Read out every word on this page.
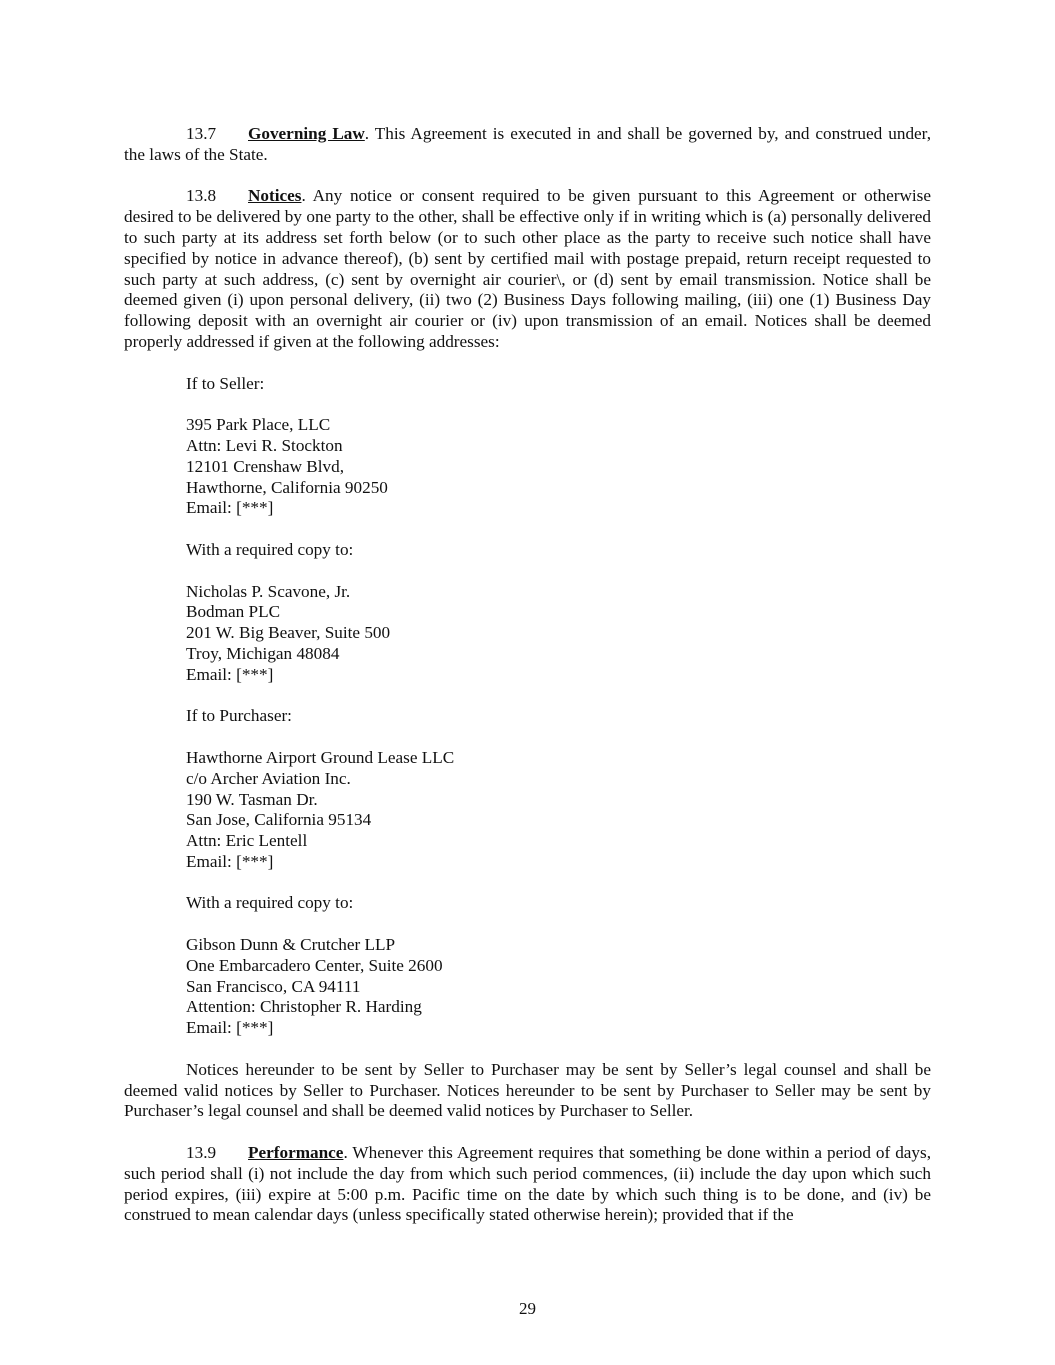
13.7 Governing Law. This Agreement is executed in and shall be governed by, and construed under, the laws of the State.

13.8 Notices. Any notice or consent required to be given pursuant to this Agreement or otherwise desired to be delivered by one party to the other, shall be effective only if in writing which is (a) personally delivered to such party at its address set forth below (or to such other place as the party to receive such notice shall have specified by notice in advance thereof), (b) sent by certified mail with postage prepaid, return receipt requested to such party at such address, (c) sent by overnight air courier\, or (d) sent by email transmission. Notice shall be deemed given (i) upon personal delivery, (ii) two (2) Business Days following mailing, (iii) one (1) Business Day following deposit with an overnight air courier or (iv) upon transmission of an email. Notices shall be deemed properly addressed if given at the following addresses:

If to Seller:
395 Park Place, LLC
Attn: Levi R. Stockton
12101 Crenshaw Blvd,
Hawthorne, California 90250
Email: [***]
With a required copy to:
Nicholas P. Scavone, Jr.
Bodman PLC
201 W. Big Beaver, Suite 500
Troy, Michigan 48084
Email: [***]
If to Purchaser:
Hawthorne Airport Ground Lease LLC
c/o Archer Aviation Inc.
190 W. Tasman Dr.
San Jose, California 95134
Attn: Eric Lentell
Email: [***]
With a required copy to:
Gibson Dunn & Crutcher LLP
One Embarcadero Center, Suite 2600
San Francisco, CA 94111
Attention: Christopher R. Harding
Email: [***]

Notices hereunder to be sent by Seller to Purchaser may be sent by Seller’s legal counsel and shall be deemed valid notices by Seller to Purchaser. Notices hereunder to be sent by Purchaser to Seller may be sent by Purchaser’s legal counsel and shall be deemed valid notices by Purchaser to Seller.

13.9 Performance. Whenever this Agreement requires that something be done within a period of days, such period shall (i) not include the day from which such period commences, (ii) include the day upon which such period expires, (iii) expire at 5:00 p.m. Pacific time on the date by which such thing is to be done, and (iv) be construed to mean calendar days (unless specifically stated otherwise herein); provided that if the

29
